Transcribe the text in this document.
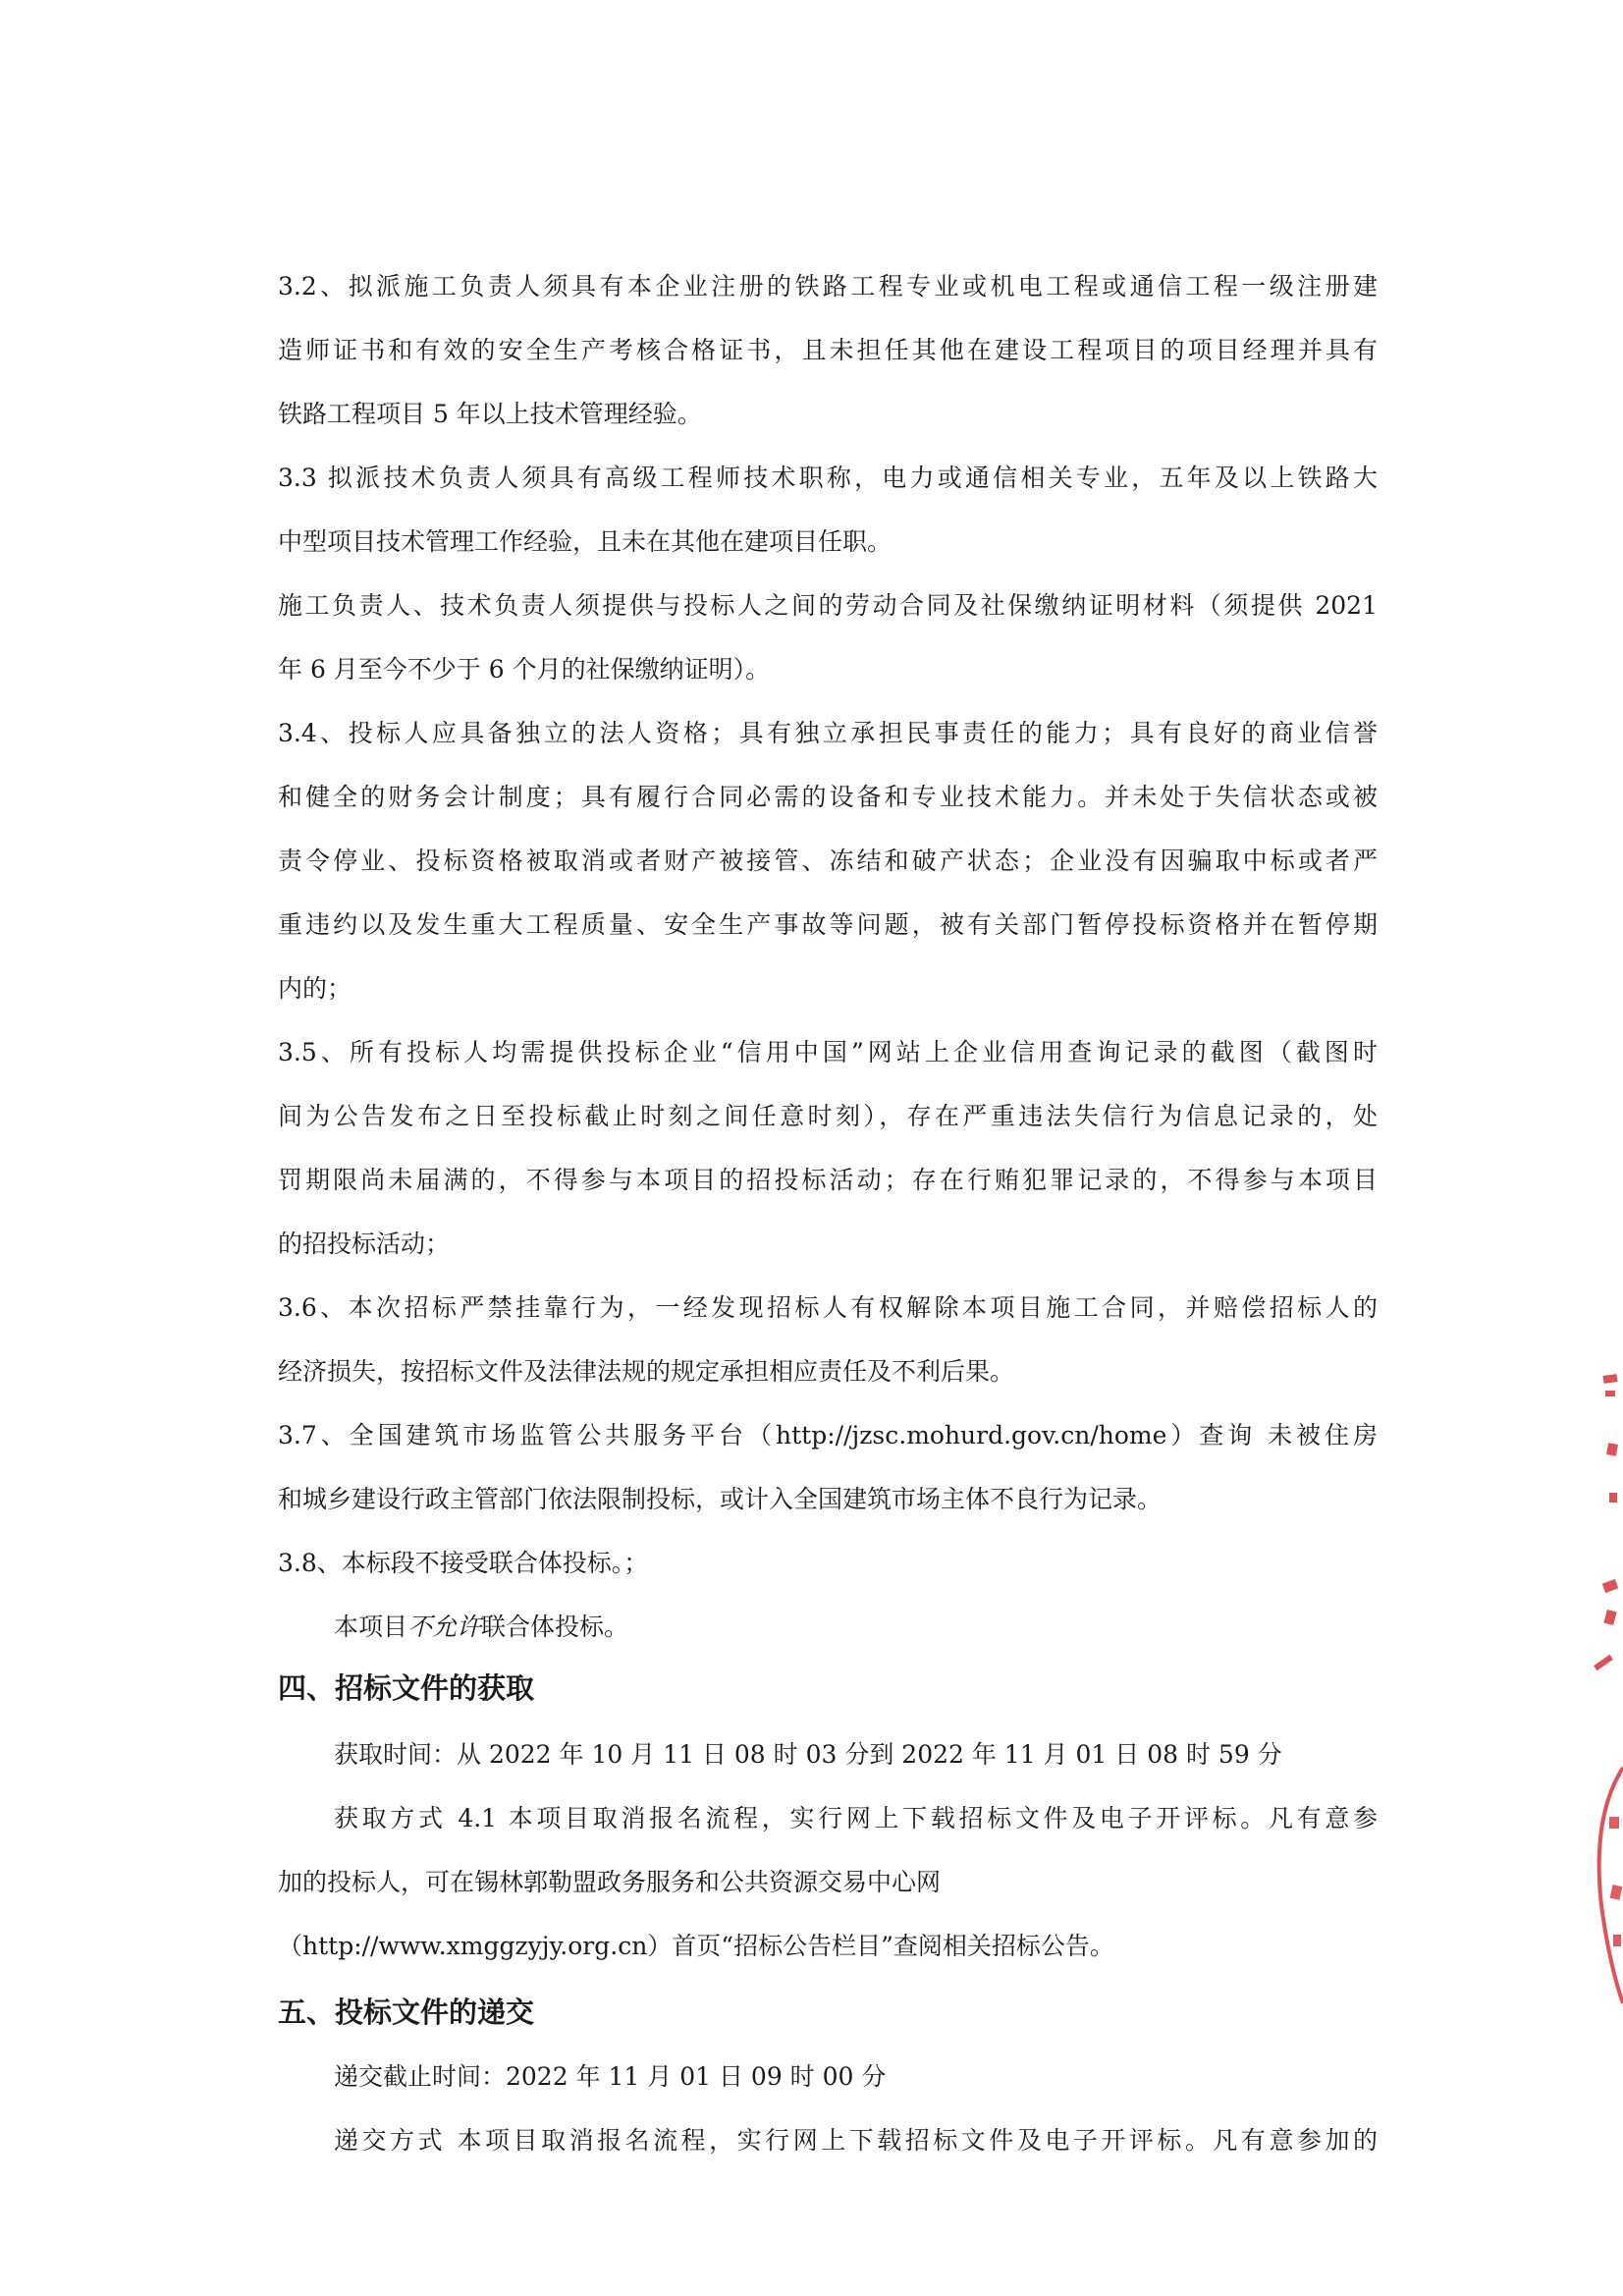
3.2、拟派施工负责人须具有本企业注册的铁路工程专业或机电工程或通信工程一级注册建
造师证书和有效的安全生产考核合格证书，且未担任其他在建设工程项目的项目经理并具有
铁路工程项目 5 年以上技术管理经验。
3.3 拟派技术负责人须具有高级工程师技术职称，电力或通信相关专业，五年及以上铁路大
中型项目技术管理工作经验，且未在其他在建项目任职。
施工负责人、技术负责人须提供与投标人之间的劳动合同及社保缴纳证明材料（须提供 2021
年 6 月至今不少于 6 个月的社保缴纳证明）。
3.4、投标人应具备独立的法人资格；具有独立承担民事责任的能力；具有良好的商业信誉
和健全的财务会计制度；具有履行合同必需的设备和专业技术能力。并未处于失信状态或被
责令停业、投标资格被取消或者财产被接管、冻结和破产状态；企业没有因骗取中标或者严
重违约以及发生重大工程质量、安全生产事故等问题，被有关部门暂停投标资格并在暂停期
内的；
3.5、所有投标人均需提供投标企业“信用中国”网站上企业信用查询记录的截图（截图时
间为公告发布之日至投标截止时刻之间任意时刻），存在严重违法失信行为信息记录的，处
罚期限尚未届满的，不得参与本项目的招投标活动；存在行贿犯罪记录的，不得参与本项目
的招投标活动；
3.6、本次招标严禁挂靠行为，一经发现招标人有权解除本项目施工合同，并赔偿招标人的
经济损失，按招标文件及法律法规的规定承担相应责任及不利后果。
3.7、全国建筑市场监管公共服务平台（http://jzsc.mohurd.gov.cn/home）查询 未被住房
和城乡建设行政主管部门依法限制投标，或计入全国建筑市场主体不良行为记录。
3.8、本标段不接受联合体投标。；
本项目不允许联合体投标。
四、招标文件的获取
获取时间：从 2022 年 10 月 11 日 08 时 03 分到 2022 年 11 月 01 日 08 时 59 分
获取方式 4.1 本项目取消报名流程，实行网上下载招标文件及电子开评标。凡有意参
加的投标人，可在锡林郭勒盟政务服务和公共资源交易中心网
（http://www.xmggzyjy.org.cn）首页“招标公告栏目”查阅相关招标公告。
五、投标文件的递交
递交截止时间：2022 年 11 月 01 日 09 时 00 分
递交方式 本项目取消报名流程，实行网上下载招标文件及电子开评标。凡有意参加的
